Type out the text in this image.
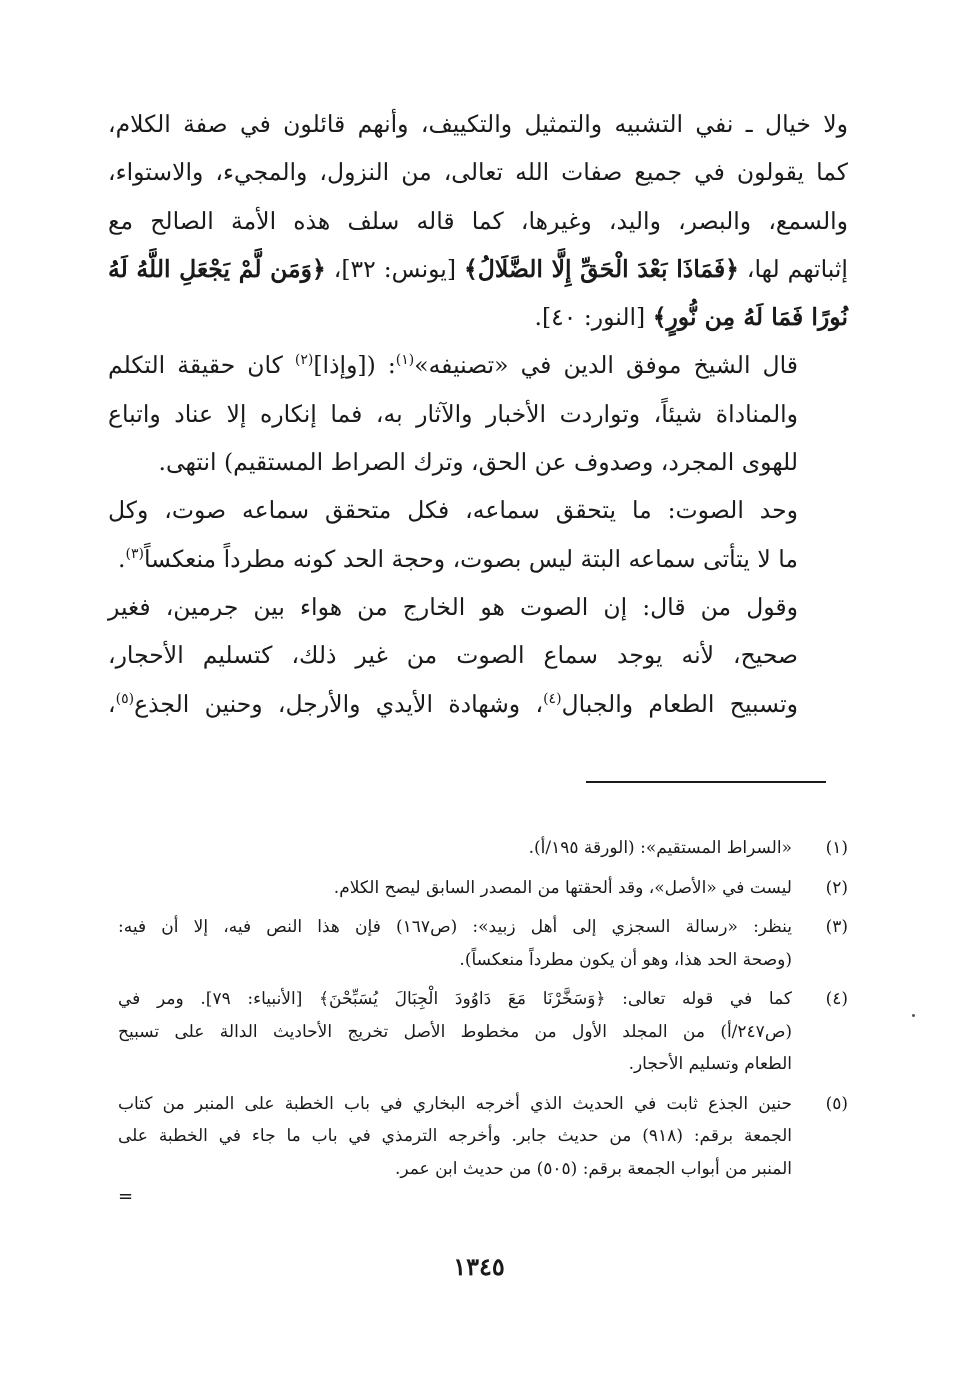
ولا خيال ـ نفي التشبيه والتمثيل والتكييف، وأنهم قائلون في صفة الكلام،
كما يقولون في جميع صفات الله تعالى، من النزول، والمجيء، والاستواء،
والسمع، والبصر، واليد، وغيرها، كما قاله سلف هذه الأمة الصالح مع
إثباتهم لها، ﴿فَمَاذَا بَعْدَ الْحَقِّ إِلَّا الضَّلَالُ﴾ [يونس: ٣٢]، ﴿وَمَن لَّمْ يَجْعَلِ اللَّهُ لَهُ
نُورًا فَمَا لَهُ مِن نُّورٍ﴾ [النور: ٤٠].

قال الشيخ موفق الدين في «تصنيفه»$^{(١)}$: ([وإذا]$^{(٢)}$ كان حقيقة التكلم
والمناداة شيئاً، وتواردت الأخبار والآثار به، فما إنكاره إلا عناد واتباع
للهوى المجرد، وصدوف عن الحق، وترك الصراط المستقيم) انتهى.

وحد الصوت: ما يتحقق سماعه، فكل متحقق سماعه صوت، وكل
ما لا يتأتى سماعه البتة ليس بصوت، وحجة الحد كونه مطرداً منعكساً$^{(٣)}$.

وقول من قال: إن الصوت هو الخارج من هواء بين جرمين، فغير
صحيح، لأنه يوجد سماع الصوت من غير ذلك، كتسليم الأحجار،
وتسبيح الطعام والجبال$^{(٤)}$، وشهادة الأيدي والأرجل، وحنين الجذع$^{(٥)}$،

(١)
«السراط المستقيم»: (الورقة ١٩٥/أ).
(٢)
ليست في «الأصل»، وقد ألحقتها من المصدر السابق ليصح الكلام.
(٣)
ينظر: «رسالة السجزي إلى أهل زبيد»: (ص١٦٧) فإن هذا النص فيه، إلا أن فيه:
(وصحة الحد هذا، وهو أن يكون مطرداً منعكساً).
(٤)
كما في قوله تعالى: ﴿وَسَخَّرْنَا مَعَ دَاوُودَ الْجِبَالَ يُسَبِّحْنَ﴾ [الأنبياء: ٧٩]. ومر في
(ص٢٤٧/أ) من المجلد الأول من مخطوط الأصل تخريج الأحاديث الدالة على تسبيح
الطعام وتسليم الأحجار.
(٥)
حنين الجذع ثابت في الحديث الذي أخرجه البخاري في باب الخطبة على المنبر من كتاب
الجمعة برقم: (٩١٨) من حديث جابر. وأخرجه الترمذي في باب ما جاء في الخطبة على
المنبر من أبواب الجمعة برقم: (٥٠٥) من حديث ابن عمر.
=
١٣٤٥
